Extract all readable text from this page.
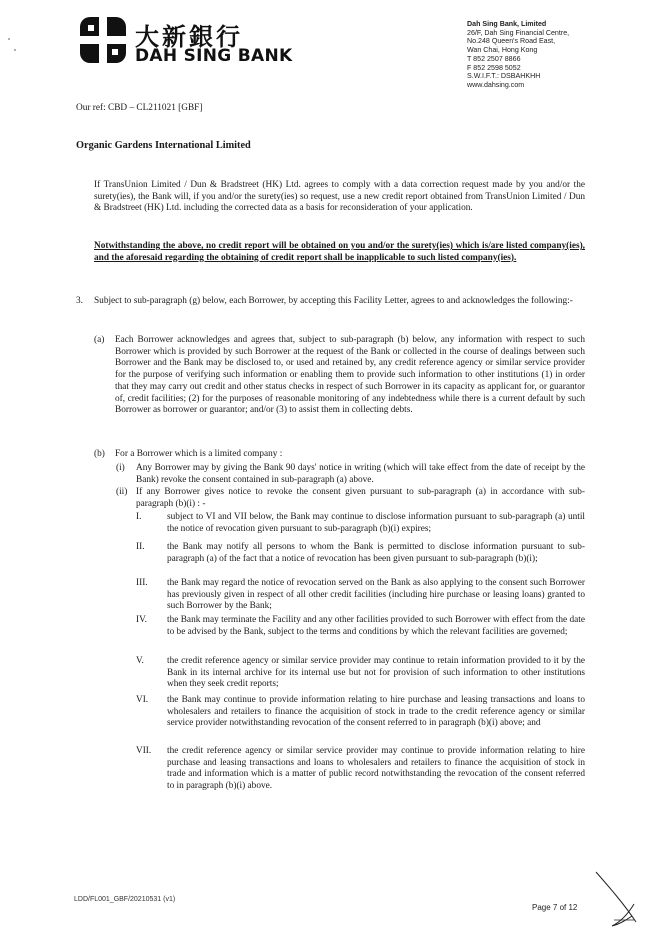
大新銀行
DAH SING BANK
Dah Sing Bank, Limited
26/F, Dah Sing Financial Centre,
No.248 Queen's Road East,
Wan Chai, Hong Kong
T 852 2507 8866
F 852 2598 5052
S.W.I.F.T.: DSBAHKHH
www.dahsing.com
Our ref: CBD – CL211021 [GBF]
Organic Gardens International Limited
If TransUnion Limited / Dun & Bradstreet (HK) Ltd. agrees to comply with a data correction request made by you and/or the surety(ies), the Bank will, if you and/or the surety(ies) so request, use a new credit report obtained from TransUnion Limited / Dun & Bradstreet (HK) Ltd. including the corrected data as a basis for reconsideration of your application.
Notwithstanding the above, no credit report will be obtained on you and/or the surety(ies) which is/are listed company(ies), and the aforesaid regarding the obtaining of credit report shall be inapplicable to such listed company(ies).
3. Subject to sub-paragraph (g) below, each Borrower, by accepting this Facility Letter, agrees to and acknowledges the following:-
(a) Each Borrower acknowledges and agrees that, subject to sub-paragraph (b) below, any information with respect to such Borrower which is provided by such Borrower at the request of the Bank or collected in the course of dealings between such Borrower and the Bank may be disclosed to, or used and retained by, any credit reference agency or similar service provider for the purpose of verifying such information or enabling them to provide such information to other institutions (1) in order that they may carry out credit and other status checks in respect of such Borrower in its capacity as applicant for, or guarantor of, credit facilities; (2) for the purposes of reasonable monitoring of any indebtedness while there is a current default by such Borrower as borrower or guarantor; and/or (3) to assist them in collecting debts.
(b) For a Borrower which is a limited company :
(i) Any Borrower may by giving the Bank 90 days' notice in writing (which will take effect from the date of receipt by the Bank) revoke the consent contained in sub-paragraph (a) above.
(ii) If any Borrower gives notice to revoke the consent given pursuant to sub-paragraph (a) in accordance with sub-paragraph (b)(i) : -
I.	subject to VI and VII below, the Bank may continue to disclose information pursuant to sub-paragraph (a) until the notice of revocation given pursuant to sub-paragraph (b)(i) expires;
II. the Bank may notify all persons to whom the Bank is permitted to disclose information pursuant to sub-paragraph (a) of the fact that a notice of revocation has been given pursuant to sub-paragraph (b)(i);
III. the Bank may regard the notice of revocation served on the Bank as also applying to the consent such Borrower has previously given in respect of all other credit facilities (including hire purchase or leasing loans) granted to such Borrower by the Bank;
IV. the Bank may terminate the Facility and any other facilities provided to such Borrower with effect from the date to be advised by the Bank, subject to the terms and conditions by which the relevant facilities are governed;
V. the credit reference agency or similar service provider may continue to retain information provided to it by the Bank in its internal archive for its internal use but not for provision of such information to other institutions when they seek credit reports;
VI. the Bank may continue to provide information relating to hire purchase and leasing transactions and loans to wholesalers and retailers to finance the acquisition of stock in trade to the credit reference agency or similar service provider notwithstanding revocation of the consent referred to in paragraph (b)(i) above; and
VII. the credit reference agency or similar service provider may continue to provide information relating to hire purchase and leasing transactions and loans to wholesalers and retailers to finance the acquisition of stock in trade and information which is a matter of public record notwithstanding the revocation of the consent referred to in paragraph (b)(i) above.
LDD/FL001_GBF/20210531 (v1)
Page 7 of 12
